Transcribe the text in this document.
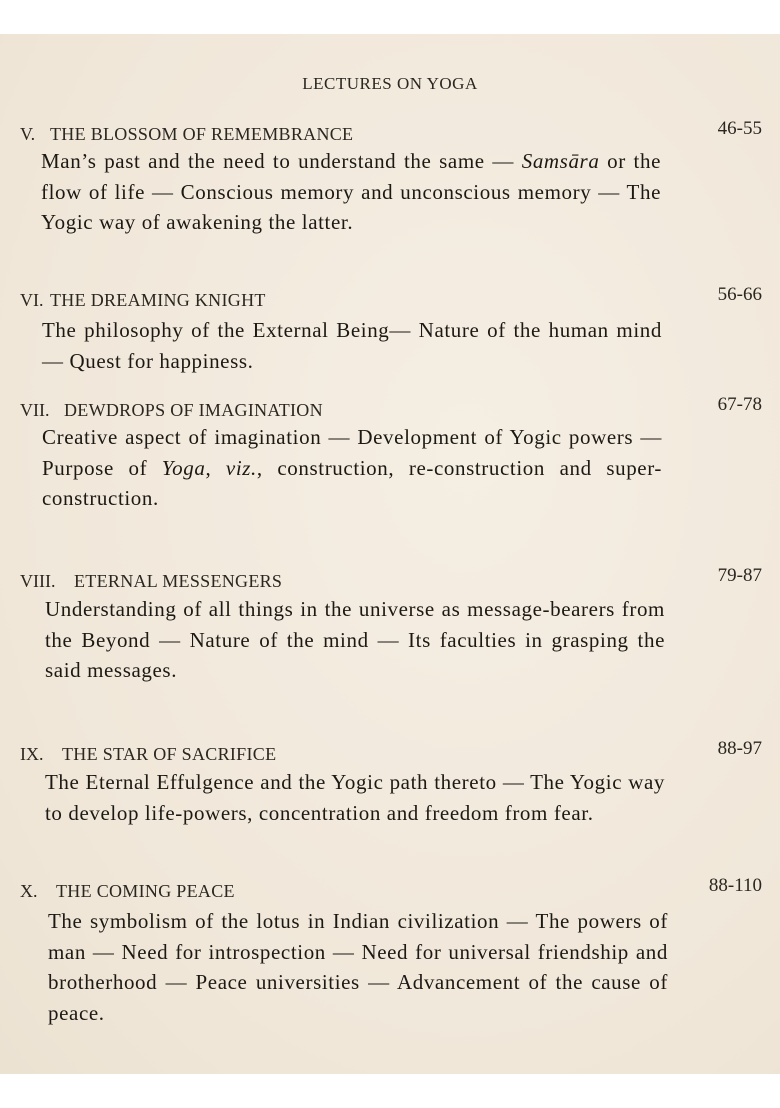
LECTURES ON YOGA
V. THE BLOSSOM OF REMEMBRANCE	46-55
Man’s past and the need to understand the same — Samsāra or the flow of life — Conscious memory and unconscious memory — The Yogic way of awakening the latter.
VI. THE DREAMING KNIGHT	56-66
The philosophy of the External Being— Nature of the human mind — Quest for happiness.
VII. DEWDROPS OF IMAGINATION	67-78
Creative aspect of imagination — Development of Yogic powers — Purpose of Yoga, viz., construction, re-construction and super-construction.
VIII. ETERNAL MESSENGERS	79-87
Understanding of all things in the universe as message-bearers from the Beyond — Nature of the mind — Its faculties in grasping the said messages.
IX. THE STAR OF SACRIFICE	88-97
The Eternal Effulgence and the Yogic path thereto — The Yogic way to develop life-powers, concentration and freedom from fear.
X. THE COMING PEACE	88-110
The symbolism of the lotus in Indian civilization — The powers of man — Need for introspection — Need for universal friendship and brotherhood — Peace universities — Advancement of the cause of peace.
